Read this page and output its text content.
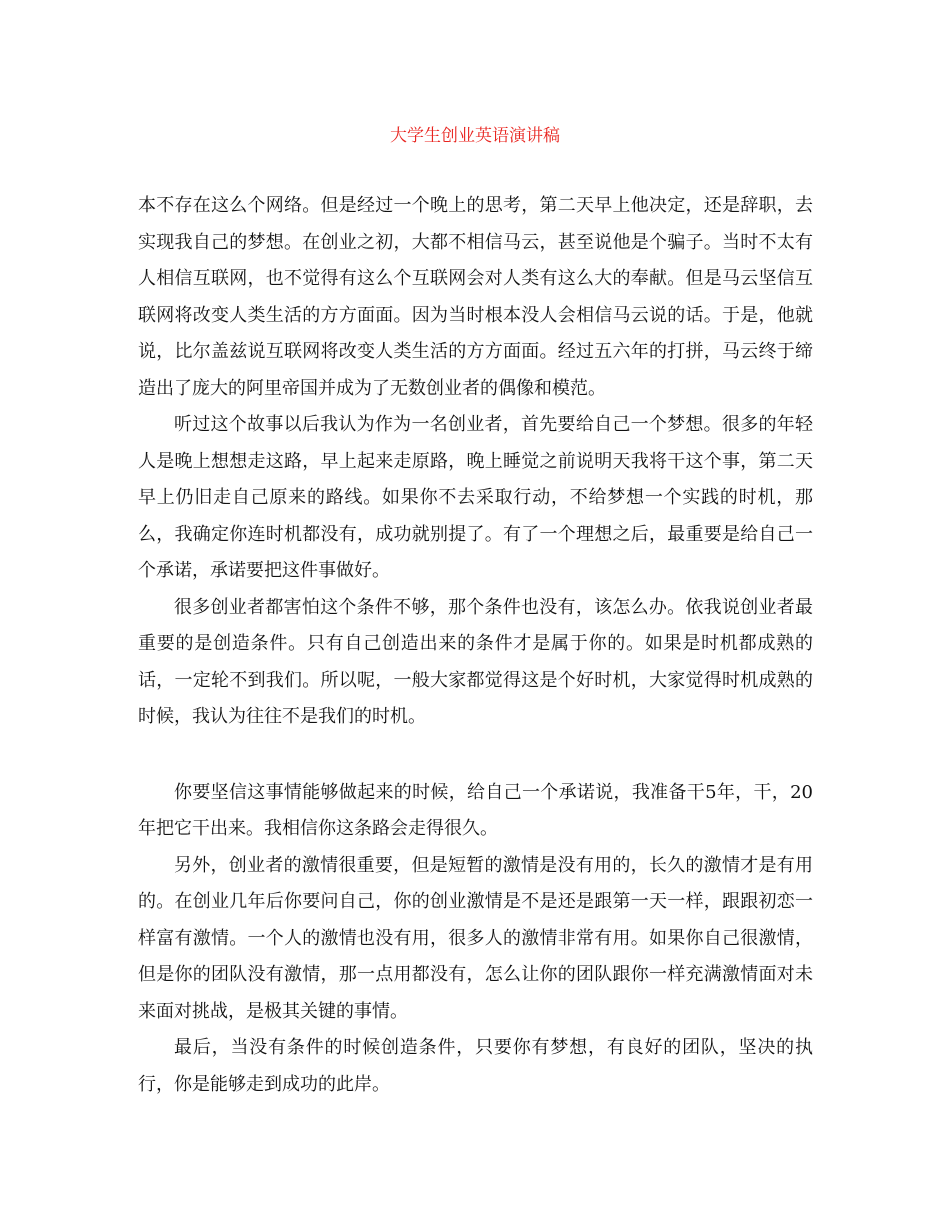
大学生创业英语演讲稿

本不存在这么个网络。但是经过一个晚上的思考，第二天早上他决定，还是辞职，去实现我自己的梦想。在创业之初，大都不相信马云，甚至说他是个骗子。当时不太有人相信互联网，也不觉得有这么个互联网会对人类有这么大的奉献。但是马云坚信互联网将改变人类生活的方方面面。因为当时根本没人会相信马云说的话。于是，他就说，比尔盖兹说互联网将改变人类生活的方方面面。经过五六年的打拼，马云终于缔造出了庞大的阿里帝国并成为了无数创业者的偶像和模范。

听过这个故事以后我认为作为一名创业者，首先要给自己一个梦想。很多的年轻人是晚上想想走这路，早上起来走原路，晚上睡觉之前说明天我将干这个事，第二天早上仍旧走自己原来的路线。如果你不去采取行动，不给梦想一个实践的时机，那么，我确定你连时机都没有，成功就别提了。有了一个理想之后，最重要是给自己一个承诺，承诺要把这件事做好。

很多创业者都害怕这个条件不够，那个条件也没有，该怎么办。依我说创业者最重要的是创造条件。只有自己创造出来的条件才是属于你的。如果是时机都成熟的话，一定轮不到我们。所以呢，一般大家都觉得这是个好时机，大家觉得时机成熟的时候，我认为往往不是我们的时机。

你要坚信这事情能够做起来的时候，给自己一个承诺说，我准备干5年，干，20年把它干出来。我相信你这条路会走得很久。

另外，创业者的激情很重要，但是短暂的激情是没有用的，长久的激情才是有用的。在创业几年后你要问自己，你的创业激情是不是还是跟第一天一样，跟跟初恋一样富有激情。一个人的激情也没有用，很多人的激情非常有用。如果你自己很激情，但是你的团队没有激情，那一点用都没有，怎么让你的团队跟你一样充满激情面对未来面对挑战，是极其关键的事情。

最后，当没有条件的时候创造条件，只要你有梦想，有良好的团队，坚决的执行，你是能够走到成功的此岸。
